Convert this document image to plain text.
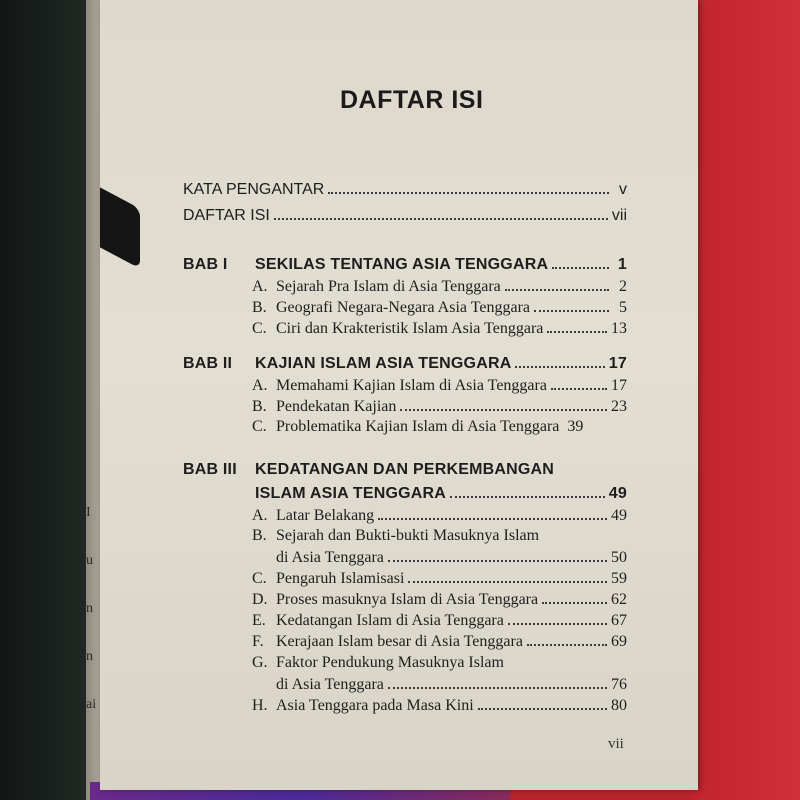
I
u
n
n
ai
DAFTAR ISI
KATA PENGANTAR	v
DAFTAR ISI	vii
BAB I	SEKILAS TENTANG ASIA TENGGARA	1
A. Sejarah Pra Islam di Asia Tenggara	2
B. Geografi Negara-Negara Asia Tenggara	5
C. Ciri dan Krakteristik Islam Asia Tenggara	13
BAB II	KAJIAN ISLAM ASIA TENGGARA	17
A. Memahami Kajian Islam di Asia Tenggara	17
B. Pendekatan Kajian	23
C. Problematika Kajian Islam di Asia Tenggara 39
BAB III KEDATANGAN DAN PERKEMBANGAN
ISLAM ASIA TENGGARA	49
A. Latar Belakang	49
B. Sejarah dan Bukti-bukti Masuknya Islam
di Asia Tenggara	50
C. Pengaruh Islamisasi	59
D. Proses masuknya Islam di Asia Tenggara	62
E. Kedatangan Islam di Asia Tenggara	67
F. Kerajaan Islam besar di Asia Tenggara	69
G. Faktor Pendukung Masuknya Islam
di Asia Tenggara	76
H. Asia Tenggara pada Masa Kini	80
vii
